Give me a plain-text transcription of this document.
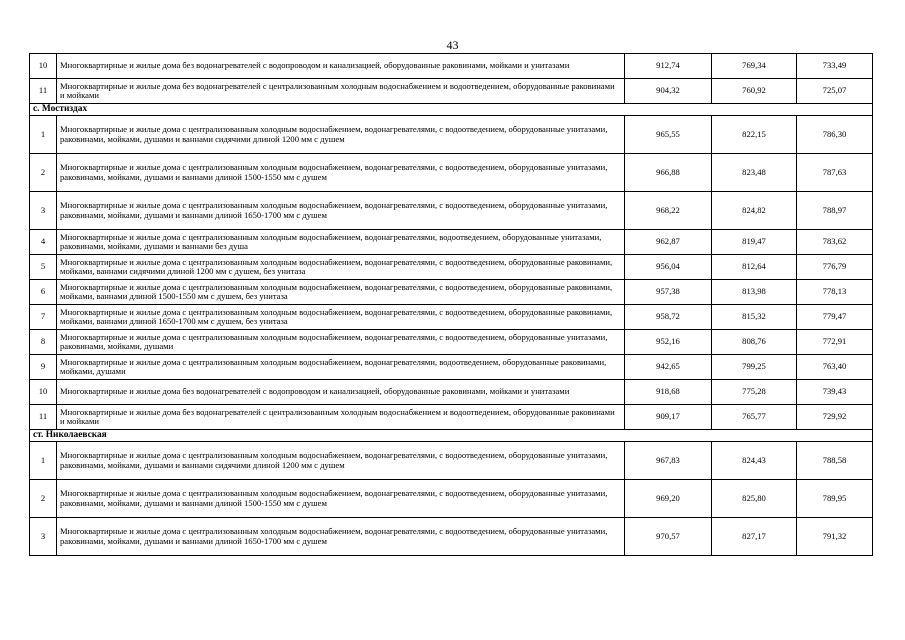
43
10	Многоквартирные и жилые дома без водонагревателей с водопроводом и канализацией, оборудованные раковинами, мойками и унитазами	912,74	769,34	733,49
11	Многоквартирные и жилые дома без водонагревателей с централизованным холодным водоснабжением и водоотведением, оборудованные раковинами и мойками	904,32	760,92	725,07
с. Мостиздах				
1	Многоквартирные и жилые дома с централизованным холодным водоснабжением, водонагревателями, с водоотведением, оборудованные унитазами, раковинами, мойками, душами и ваннами сидячими длиной 1200 мм с душем	965,55	822,15	786,30
2	Многоквартирные и жилые дома с централизованным холодным водоснабжением, водонагревателями, с водоотведением, оборудованные унитазами, раковинами, мойками, душами и ваннами длиной 1500-1550 мм с душем	966,88	823,48	787,63
3	Многоквартирные и жилые дома с централизованным холодным водоснабжением, водонагревателями, с водоотведением, оборудованные унитазами, раковинами, мойками, душами и ваннами длиной 1650-1700 мм с душем	968,22	824,82	788,97
4	Многоквартирные и жилые дома с централизованным холодным водоснабжением, водонагревателями, водоотведением, оборудованные унитазами, раковинами, мойками, душами и ваннами без душа	962,87	819,47	783,62
5	Многоквартирные и жилые дома с централизованным холодным водоснабжением, водонагревателями, с водоотведением, оборудованные раковинами, мойками, ваннами сидячими длиной 1200 мм с душем, без унитаза	956,04	812,64	776,79
6	Многоквартирные и жилые дома с централизованным холодным водоснабжением, водонагревателями, с водоотведением, оборудованные раковинами, мойками, ваннами длиной 1500-1550 мм с душем, без унитаза	957,38	813,98	778,13
7	Многоквартирные и жилые дома с централизованным холодным водоснабжением, водонагревателями, с водоотведением, оборудованные раковинами, мойками, ваннами длиной 1650-1700 мм с душем, без унитаза	958,72	815,32	779,47
8	Многоквартирные и жилые дома с централизованным холодным водоснабжением, водонагревателями, с водоотведением, оборудованные унитазами, раковинами, мойками, душами	952,16	808,76	772,91
9	Многоквартирные и жилые дома с централизованным холодным водоснабжением, водонагревателями, водоотведением, оборудованные раковинами, мойками, душами	942,65	799,25	763,40
10	Многоквартирные и жилые дома без водонагревателей с водопроводом и канализацией, оборудованные раковинами, мойками и унитазами	918,68	775,28	739,43
11	Многоквартирные и жилые дома без водонагревателей с централизованным холодным водоснабжением и водоотведением, оборудованные раковинами и мойками	909,17	765,77	729,92
ст. Николаевская				
1	Многоквартирные и жилые дома с централизованным холодным водоснабжением, водонагревателями, с водоотведением, оборудованные унитазами, раковинами, мойками, душами и ваннами сидячими длиной 1200 мм с душем	967,83	824,43	788,58
2	Многоквартирные и жилые дома с централизованным холодным водоснабжением, водонагревателями, с водоотведением, оборудованные унитазами, раковинами, мойками, душами и ваннами длиной 1500-1550 мм с душем	969,20	825,80	789,95
3	Многоквартирные и жилые дома с централизованным холодным водоснабжением, водонагревателями, с водоотведением, оборудованные унитазами, раковинами, мойками, душами и ваннами длиной 1650-1700 мм с душем	970,57	827,17	791,32
